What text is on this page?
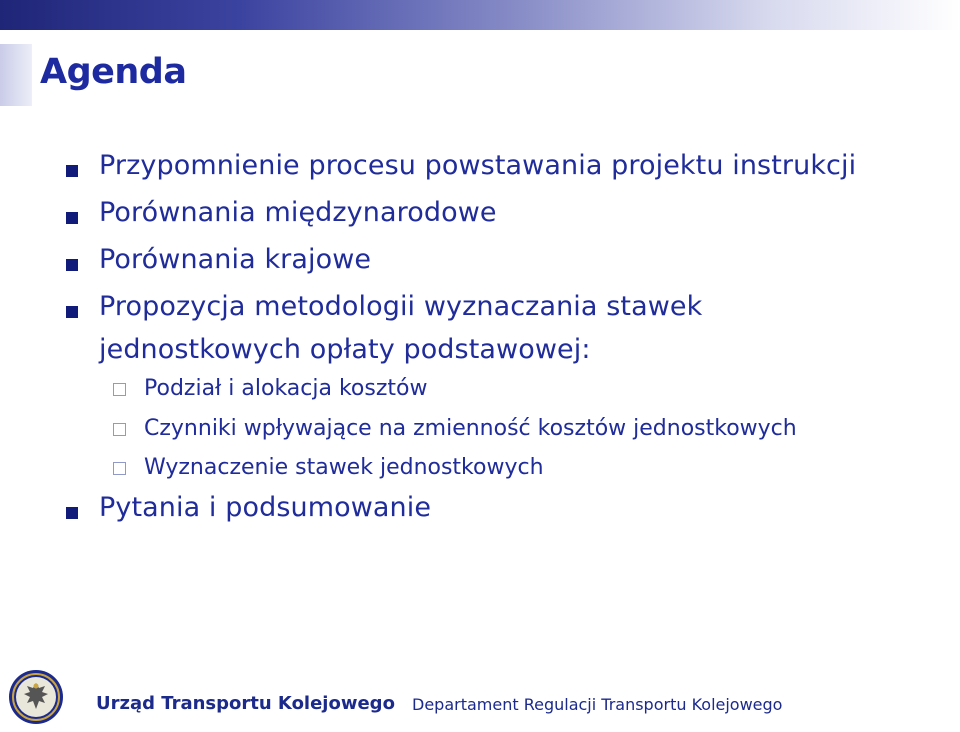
Agenda
Przypomnienie procesu powstawania projektu instrukcji
Porównania międzynarodowe
Porównania krajowe
Propozycja metodologii wyznaczania stawek
jednostkowych opłaty podstawowej:
Podział i alokacja kosztów
Czynniki wpływające na zmienność kosztów jednostkowych
Wyznaczenie stawek jednostkowych
Pytania i podsumowanie
Urząd Transportu Kolejowego Departament Regulacji Transportu Kolejowego
